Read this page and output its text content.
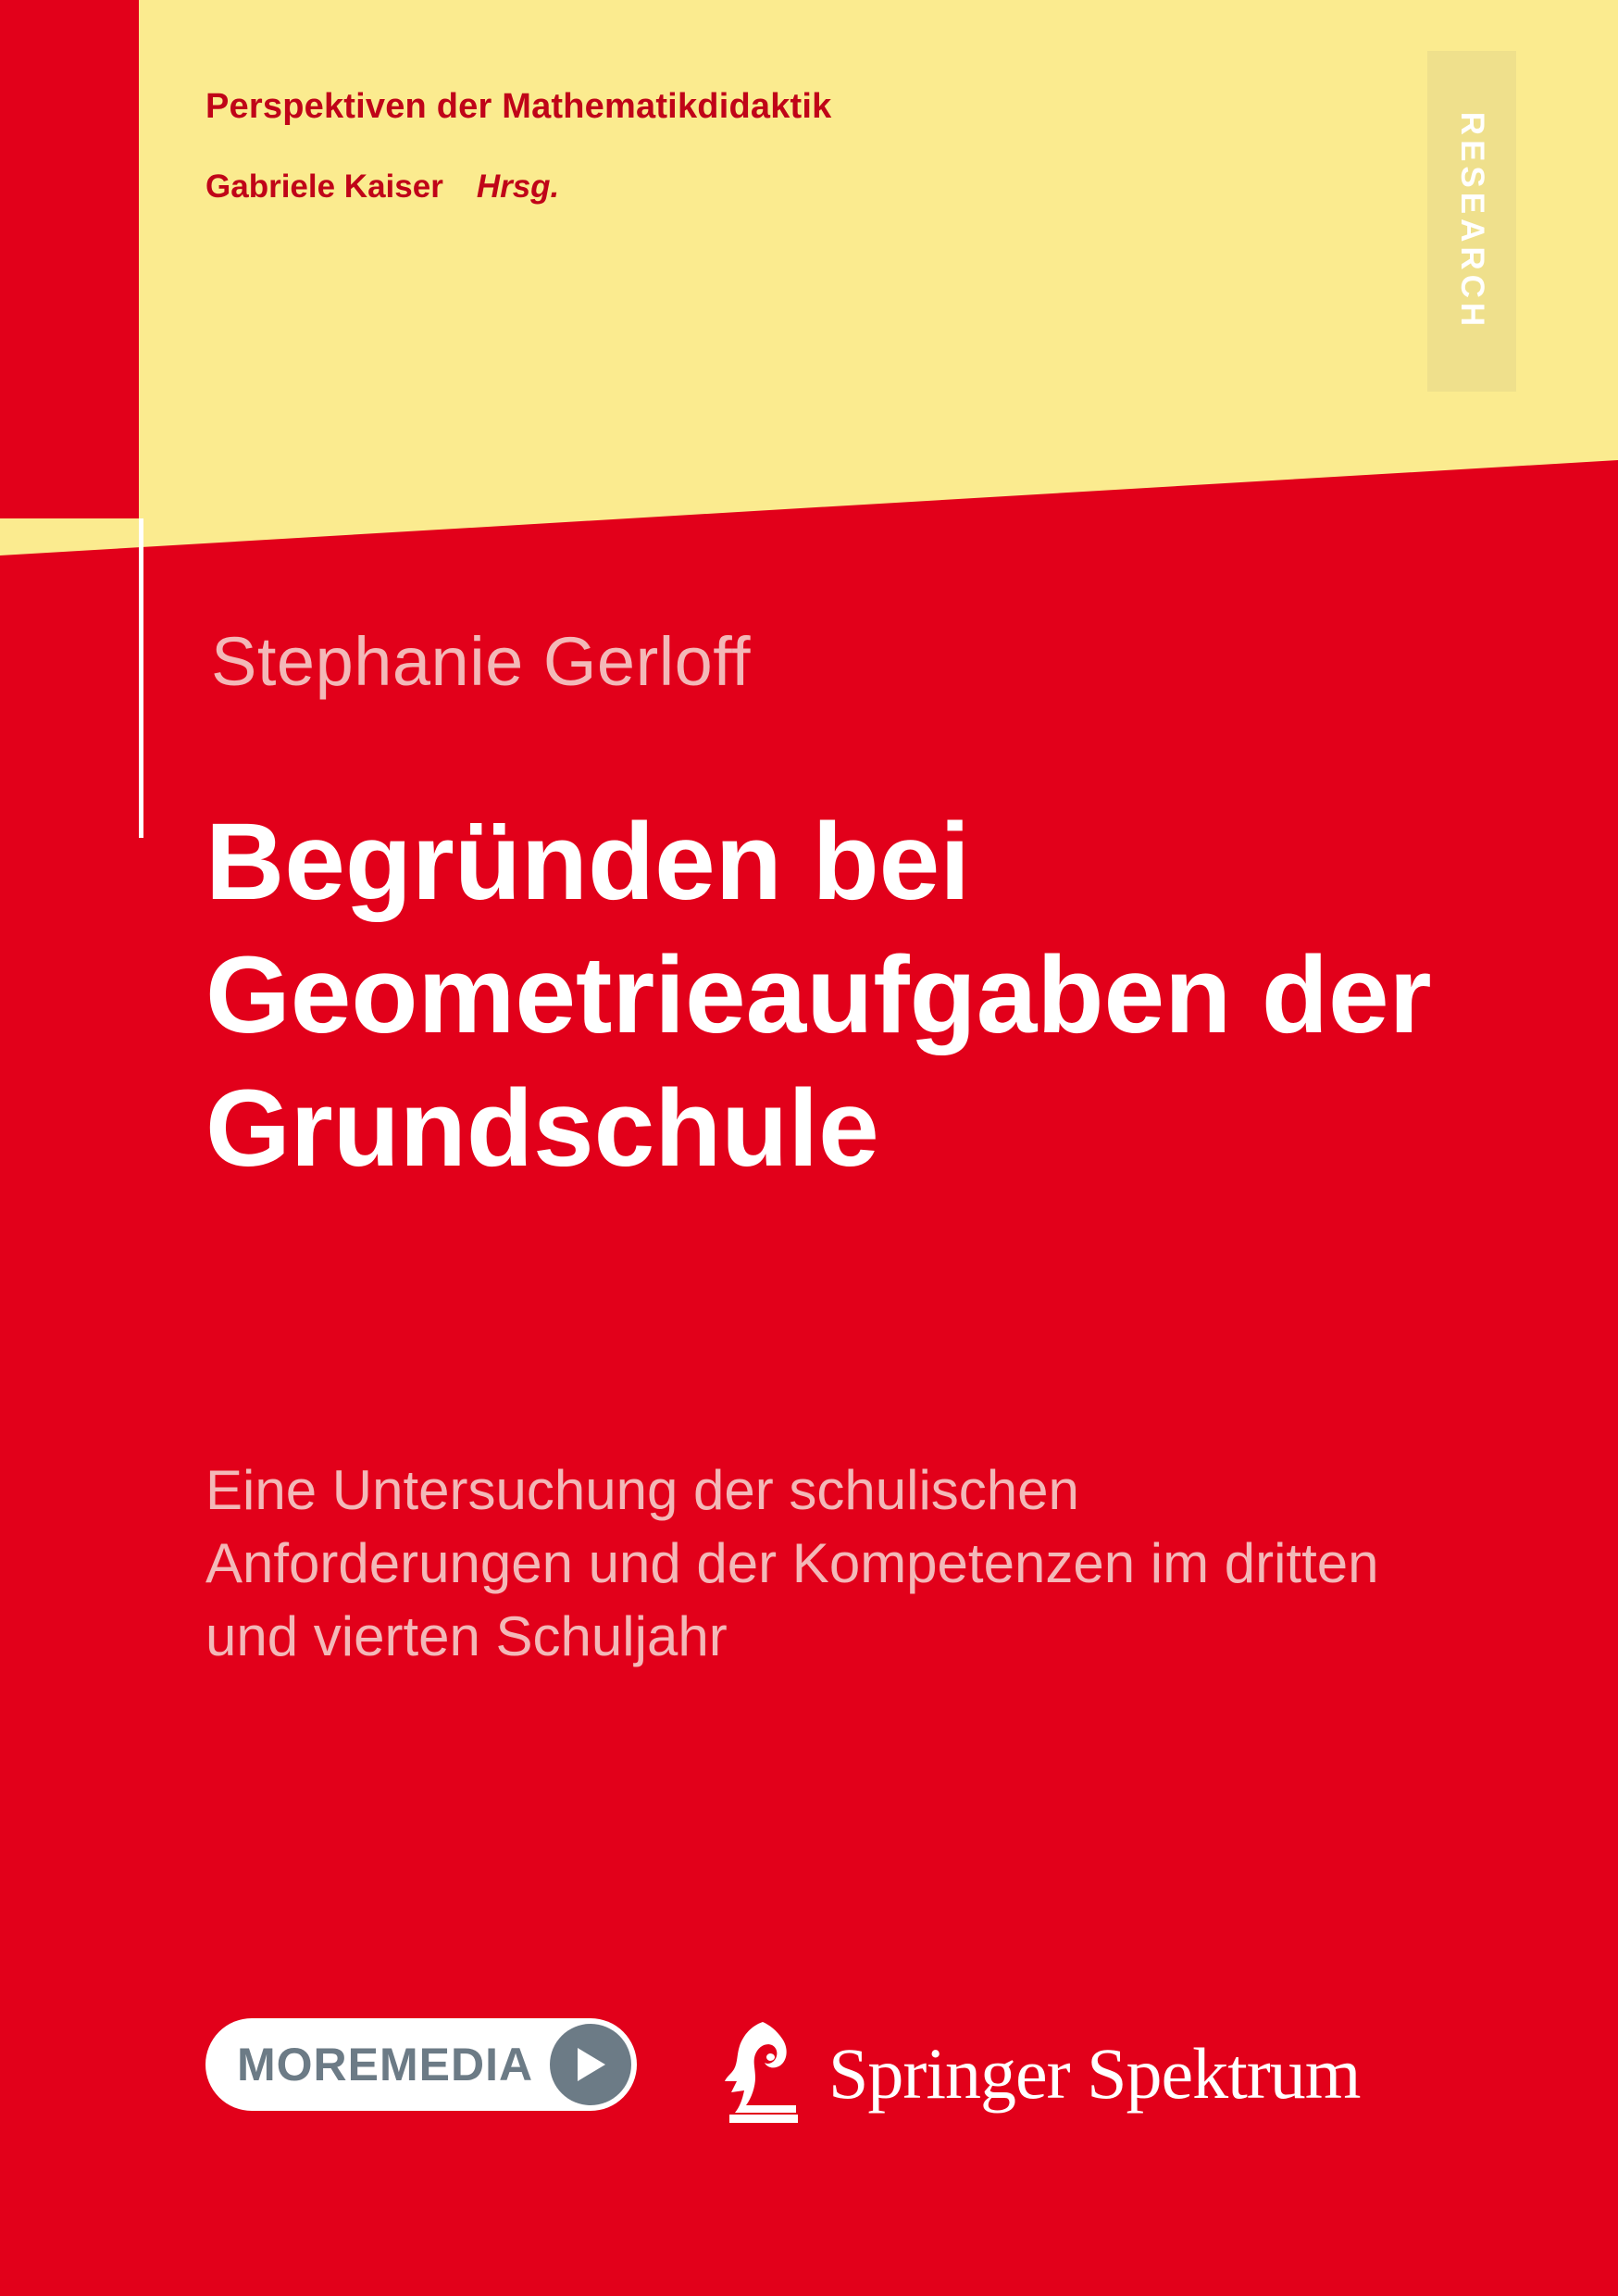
Perspektiven der Mathematikdidaktik
Gabriele Kaiser Hrsg.	RESEARCH
Stephanie Gerloff
Begründen bei Geometrieaufgaben der Grundschule
Eine Untersuchung der schulischen Anforderungen und der Kompetenzen im dritten und vierten Schuljahr
MOREMEDIA	Springer Spektrum
